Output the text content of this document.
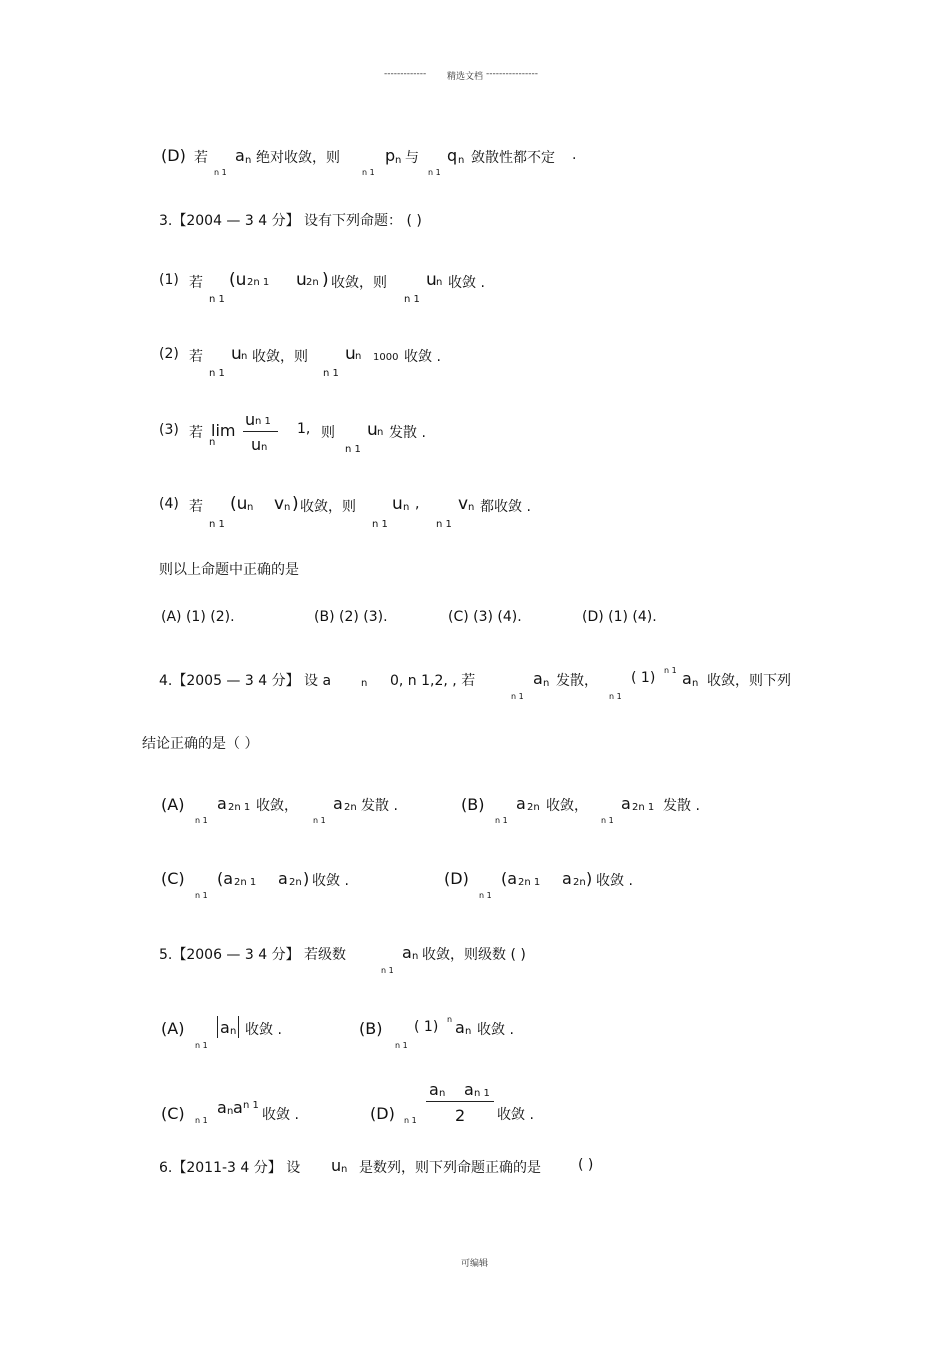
------------- 精选文档 ----------------
(D) 若 a n 绝对收敛，则	p n 与 q n 敛散性都不定 .
n 1	n 1	n 1
3.【2004 — 3 4 分】 设有下列命题： ( )
(1) 若 (u 2n 1 u 2n ) 收敛，则 u n 收敛 .
n 1	n 1
(2) 若 u n 收敛，则 u n 1000 收敛 .
n 1	n 1
(3) 若 lim
n
u n 1
u n
1, 则 u n 发散 .
n 1
(4) 若 (u n v n ) 收敛，则 u n , v n 都收敛 .
n 1	n 1	n 1
则以上命题中正确的是
(A) (1) (2).	(B) (2) (3).	(C) (3) (4).	(D) (1) (4).
4.【2005 — 3 4 分】 设 a	n 0, n 1,2, , 若	a n 发散， ( 1) n 1 a n 收敛，则下列
n 1	n 1
结论正确的是（ ）
(A) a 2n 1 收敛， a 2n 发散 .
n 1	n 1
(B) a 2n 收敛， a 2n 1 发散 .
n 1	n 1
(C) (a 2n 1 a 2n ) 收敛 .
n 1
(D) (a 2n 1 a 2n ) 收敛 .
n 1
5.【2006 — 3 4 分】 若级数	a n 收敛，则级数 ( )
n 1
(A) a n 收敛 .
n 1
(B) ( 1) n a n 收敛 .
n 1
(C) a n a n 1
收敛 .
n 1	(D)
a n a n 1
2 收敛 .
n 1
6.【2011-3 4 分】 设 u n 是数列，则下列命题正确的是	( )
可编辑
